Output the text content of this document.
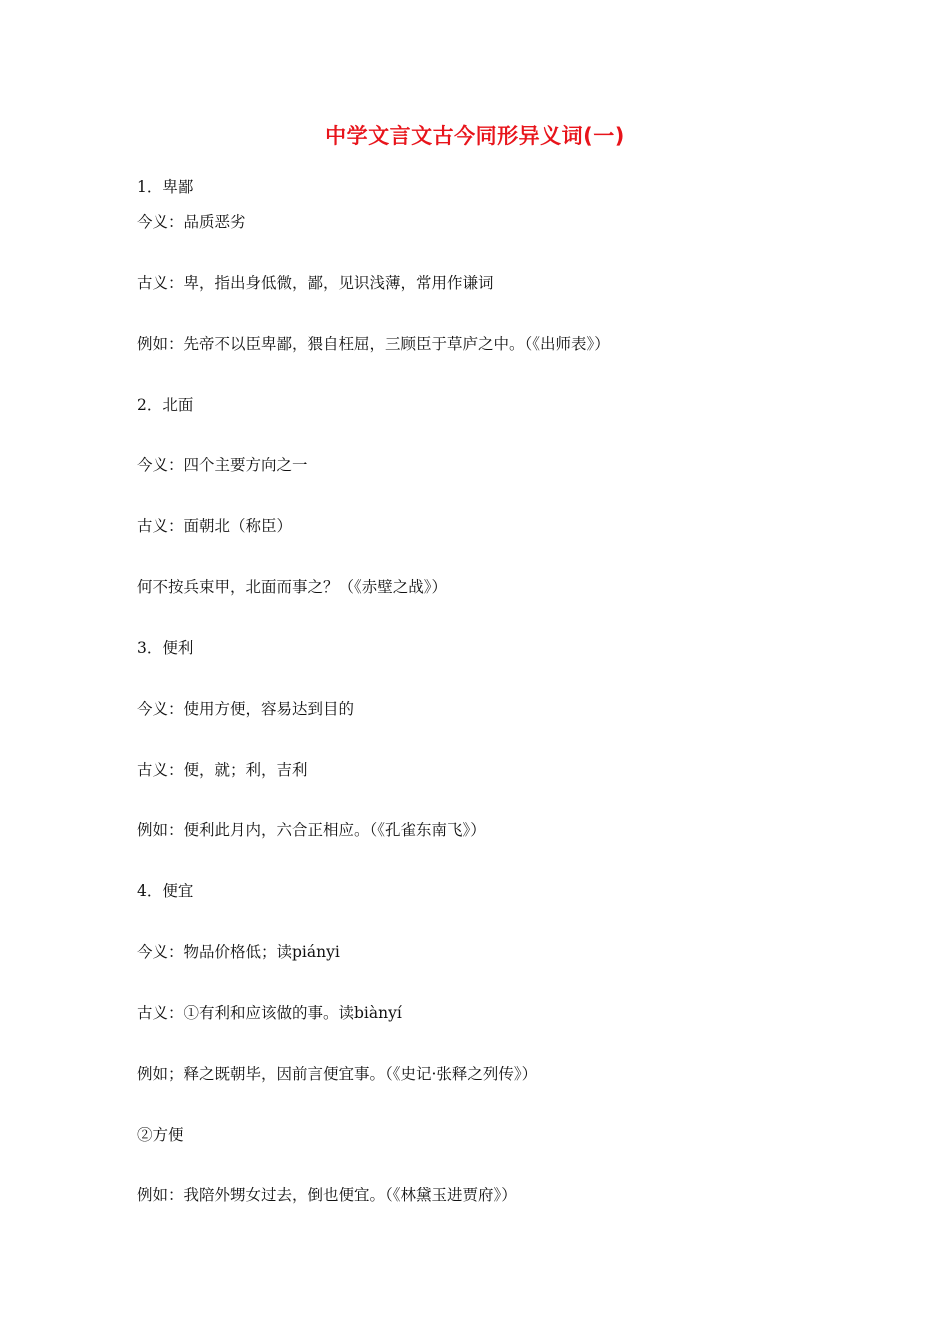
中学文言文古今同形异义词(一)
1．卑鄙
今义：品质恶劣
古义：卑，指出身低微，鄙，见识浅薄，常用作谦词
例如：先帝不以臣卑鄙，猥自枉屈，三顾臣于草庐之中。（《出师表》）
2．北面
今义：四个主要方向之一
古义：面朝北（称臣）
何不按兵束甲，北面而事之？（《赤壁之战》）
3．便利
今义：使用方便，容易达到目的
古义：便，就；利，吉利
例如：便利此月内，六合正相应。（《孔雀东南飞》）
4．便宜
今义：物品价格低；读piányi
古义：①有利和应该做的事。读biànyí
例如；释之既朝毕，因前言便宜事。（《史记·张释之列传》）
②方便
例如：我陪外甥女过去，倒也便宜。（《林黛玉进贾府》）
